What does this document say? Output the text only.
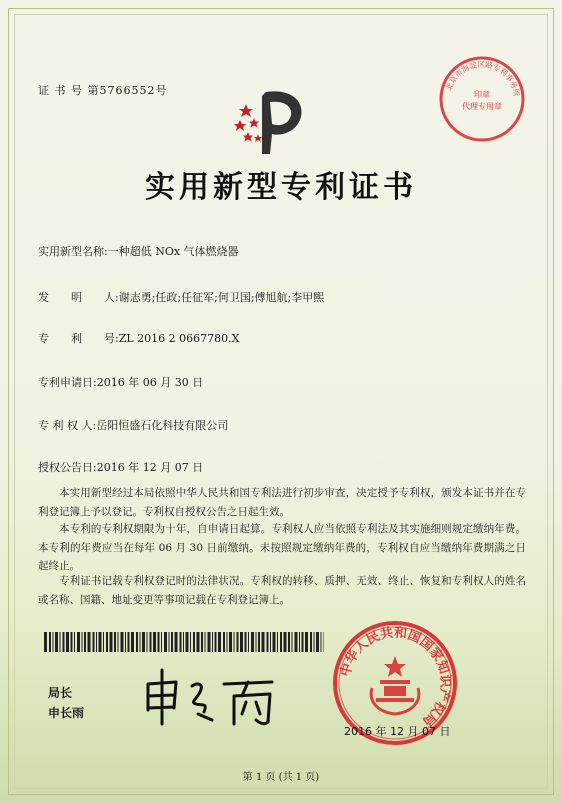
证 书 号 第5766552号	北京市海淀区路专利事务所
印章
代理专用章
实用新型专利证书
实用新型名称:一种超低 NOx 气体燃烧器
发　　明　　人:谢志勇;任政;任征军;何卫国;傅旭航;李甲熙
专　　利　　号:ZL 2016 2 0667780.X
专利申请日:2016 年 06 月 30 日
专 利 权 人:岳阳恒盛石化科技有限公司
授权公告日:2016 年 12 月 07 日
本实用新型经过本局依照中华人民共和国专利法进行初步审查，决定授予专利权，颁发本证书并在专利登记簿上予以登记。专利权自授权公告之日起生效。
本专利的专利权期限为十年，自申请日起算。专利权人应当依照专利法及其实施细则规定缴纳年费。本专利的年费应当在每年 06 月 30 日前缴纳。未按照规定缴纳年费的，专利权自应当缴纳年费期满之日起终止。
专利证书记载专利权登记时的法律状况。专利权的转移、质押、无效、终止、恢复和专利权人的姓名或名称、国籍、地址变更等事项记载在专利登记簿上。
局长
申长雨
中华人民共和国国家知识产权局
2016 年 12 月 07 日
第 1 页 (共 1 页)
